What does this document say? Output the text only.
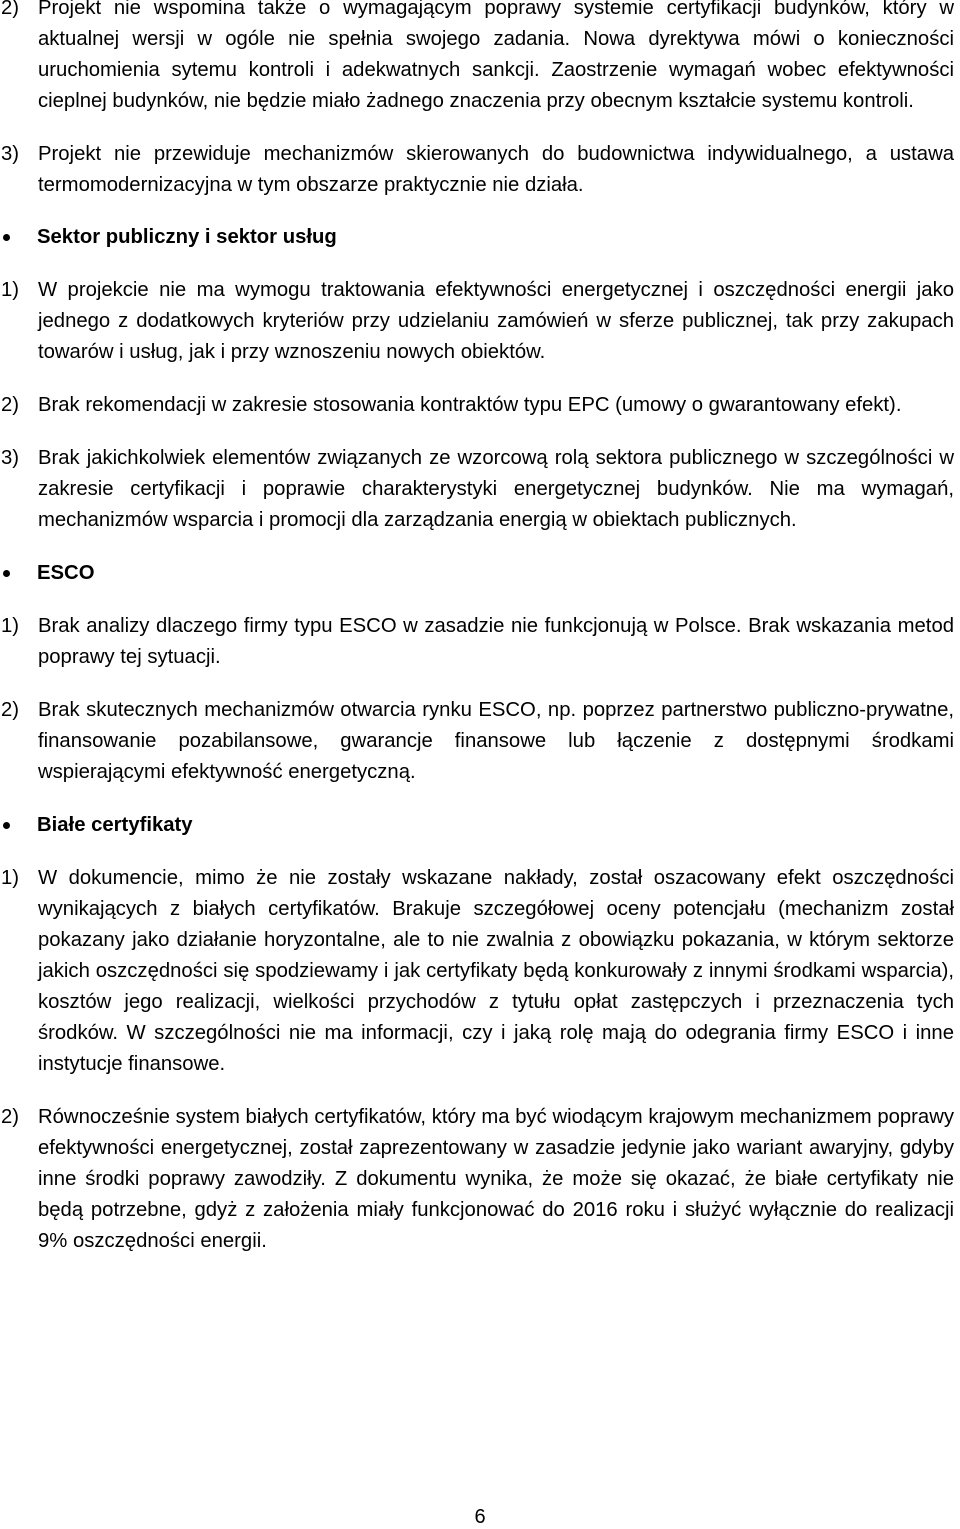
2) Projekt nie wspomina także o wymagającym poprawy systemie certyfikacji budynków, który w aktualnej wersji w ogóle nie spełnia swojego zadania. Nowa dyrektywa mówi o konieczności uruchomienia sytemu kontroli i adekwatnych sankcji. Zaostrzenie wymagań wobec efektywności cieplnej budynków, nie będzie miało żadnego znaczenia przy obecnym kształcie systemu kontroli.
3) Projekt nie przewiduje mechanizmów skierowanych do budownictwa indywidualnego, a ustawa termomodernizacyjna w tym obszarze praktycznie nie działa.
Sektor publiczny i sektor usług
1) W projekcie nie ma wymogu traktowania efektywności energetycznej i oszczędności energii jako jednego z dodatkowych kryteriów przy udzielaniu zamówień w sferze publicznej, tak przy zakupach towarów i usług, jak i przy wznoszeniu nowych obiektów.
2) Brak rekomendacji w zakresie stosowania kontraktów typu EPC (umowy o gwarantowany efekt).
3) Brak jakichkolwiek elementów związanych ze wzorcową rolą sektora publicznego w szczególności w zakresie certyfikacji i poprawie charakterystyki energetycznej budynków. Nie ma wymagań, mechanizmów wsparcia i promocji dla zarządzania energią w obiektach publicznych.
ESCO
1) Brak analizy dlaczego firmy typu ESCO w zasadzie nie funkcjonują w Polsce. Brak wskazania metod poprawy tej sytuacji.
2) Brak skutecznych mechanizmów otwarcia rynku ESCO, np. poprzez partnerstwo publiczno-prywatne, finansowanie pozabilansowe, gwarancje finansowe lub łączenie z dostępnymi środkami wspierającymi efektywność energetyczną.
Białe certyfikaty
1) W dokumencie, mimo że nie zostały wskazane nakłady, został oszacowany efekt oszczędności wynikających z białych certyfikatów. Brakuje szczegółowej oceny potencjału (mechanizm został pokazany jako działanie horyzontalne, ale to nie zwalnia z obowiązku pokazania, w którym sektorze jakich oszczędności się spodziewamy i jak certyfikaty będą konkurowały z innymi środkami wsparcia), kosztów jego realizacji, wielkości przychodów z tytułu opłat zastępczych i przeznaczenia tych środków. W szczególności nie ma informacji, czy i jaką rolę mają do odegrania firmy ESCO i inne instytucje finansowe.
2) Równocześnie system białych certyfikatów, który ma być wiodącym krajowym mechanizmem poprawy efektywności energetycznej, został zaprezentowany w zasadzie jedynie jako wariant awaryjny, gdyby inne środki poprawy zawodziły. Z dokumentu wynika, że może się okazać, że białe certyfikaty nie będą potrzebne, gdyż z założenia miały funkcjonować do 2016 roku i służyć wyłącznie do realizacji 9% oszczędności energii.
6
